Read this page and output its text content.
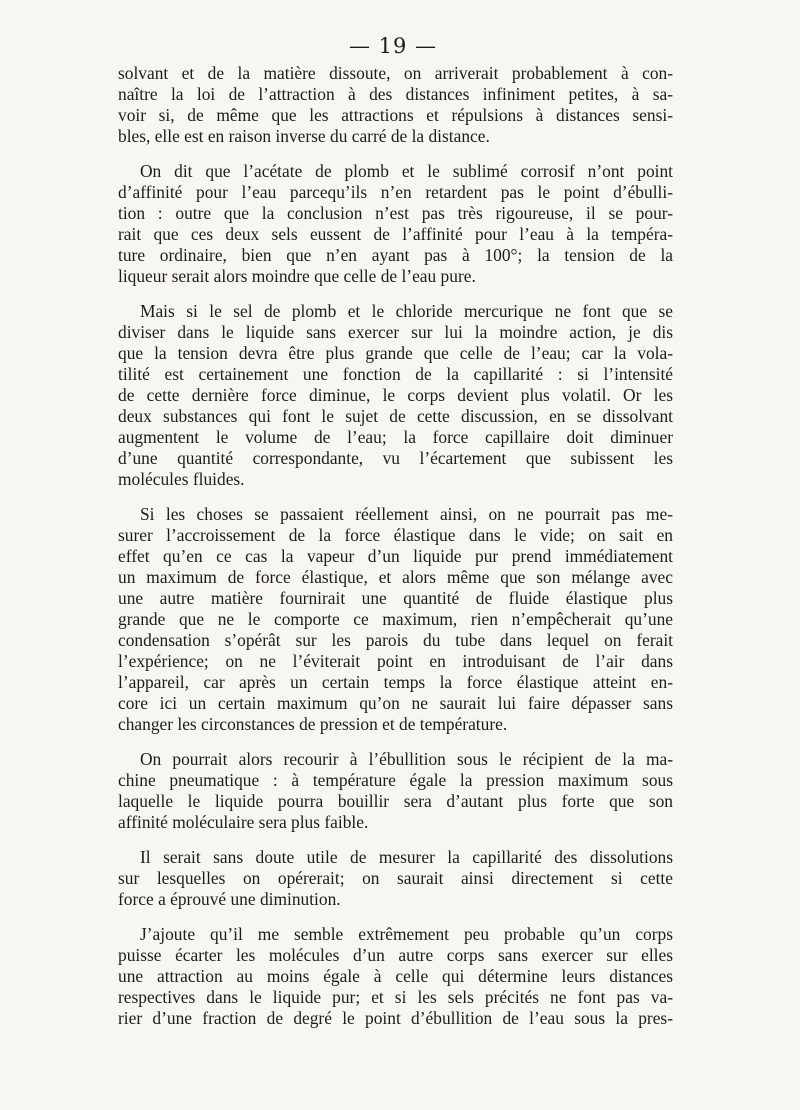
— 19 —
solvant et de la matière dissoute, on arriverait probablement à con-
naître la loi de l’attraction à des distances infiniment petites, à sa-
voir si, de même que les attractions et répulsions à distances sensi-
bles, elle est en raison inverse du carré de la distance.
On dit que l’acétate de plomb et le sublimé corrosif n’ont point
d’affinité pour l’eau parcequ’ils n’en retardent pas le point d’ébulli-
tion : outre que la conclusion n’est pas très rigoureuse, il se pour-
rait que ces deux sels eussent de l’affinité pour l’eau à la tempéra-
ture ordinaire, bien que n’en ayant pas à 100°; la tension de la
liqueur serait alors moindre que celle de l’eau pure.
Mais si le sel de plomb et le chloride mercurique ne font que se
diviser dans le liquide sans exercer sur lui la moindre action, je dis
que la tension devra être plus grande que celle de l’eau; car la vola-
tilité est certainement une fonction de la capillarité : si l’intensité
de cette dernière force diminue, le corps devient plus volatil. Or les
deux substances qui font le sujet de cette discussion, en se dissolvant
augmentent le volume de l’eau; la force capillaire doit diminuer
d’une quantité correspondante, vu l’écartement que subissent les
molécules fluides.
Si les choses se passaient réellement ainsi, on ne pourrait pas me-
surer l’accroissement de la force élastique dans le vide; on sait en
effet qu’en ce cas la vapeur d’un liquide pur prend immédiatement
un maximum de force élastique, et alors même que son mélange avec
une autre matière fournirait une quantité de fluide élastique plus
grande que ne le comporte ce maximum, rien n’empêcherait qu’une
condensation s’opérât sur les parois du tube dans lequel on ferait
l’expérience; on ne l’éviterait point en introduisant de l’air dans
l’appareil, car après un certain temps la force élastique atteint en-
core ici un certain maximum qu’on ne saurait lui faire dépasser sans
changer les circonstances de pression et de température.
On pourrait alors recourir à l’ébullition sous le récipient de la ma-
chine pneumatique : à température égale la pression maximum sous
laquelle le liquide pourra bouillir sera d’autant plus forte que son
affinité moléculaire sera plus faible.
Il serait sans doute utile de mesurer la capillarité des dissolutions
sur lesquelles on opérerait; on saurait ainsi directement si cette
force a éprouvé une diminution.
J’ajoute qu’il me semble extrêmement peu probable qu’un corps
puisse écarter les molécules d’un autre corps sans exercer sur elles
une attraction au moins égale à celle qui détermine leurs distances
respectives dans le liquide pur; et si les sels précités ne font pas va-
rier d’une fraction de degré le point d’ébullition de l’eau sous la pres-
